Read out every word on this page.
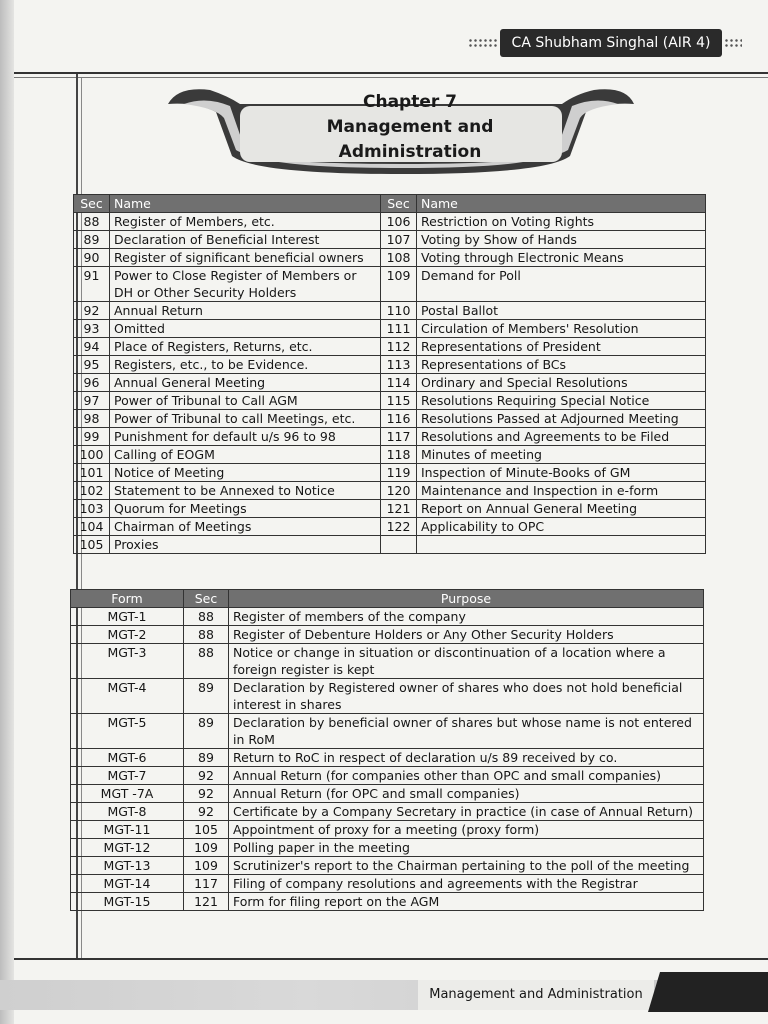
CA Shubham Singhal (AIR 4)
Chapter 7
Management and
Administration
Sec	Name	Sec	Name
88	Register of Members, etc.	106	Restriction on Voting Rights
89	Declaration of Beneficial Interest	107	Voting by Show of Hands
90	Register of significant beneficial owners	108	Voting through Electronic Means
91	Power to Close Register of Members or DH or Other Security Holders	109	Demand for Poll
92	Annual Return	110	Postal Ballot
93	Omitted	111	Circulation of Members' Resolution
94	Place of Registers, Returns, etc.	112	Representations of President
95	Registers, etc., to be Evidence.	113	Representations of BCs
96	Annual General Meeting	114	Ordinary and Special Resolutions
97	Power of Tribunal to Call AGM	115	Resolutions Requiring Special Notice
98	Power of Tribunal to call Meetings, etc.	116	Resolutions Passed at Adjourned Meeting
99	Punishment for default u/s 96 to 98	117	Resolutions and Agreements to be Filed
100	Calling of EOGM	118	Minutes of meeting
101	Notice of Meeting	119	Inspection of Minute-Books of GM
102	Statement to be Annexed to Notice	120	Maintenance and Inspection in e-form
103	Quorum for Meetings	121	Report on Annual General Meeting
104	Chairman of Meetings	122	Applicability to OPC
105	Proxies		
Form	Sec	Purpose
MGT-1	88	Register of members of the company
MGT-2	88	Register of Debenture Holders or Any Other Security Holders
MGT-3	88	Notice or change in situation or discontinuation of a location where a foreign register is kept
MGT-4	89	Declaration by Registered owner of shares who does not hold beneficial interest in shares
MGT-5	89	Declaration by beneficial owner of shares but whose name is not entered in RoM
MGT-6	89	Return to RoC in respect of declaration u/s 89 received by co.
MGT-7	92	Annual Return (for companies other than OPC and small companies)
MGT -7A	92	Annual Return (for OPC and small companies)
MGT-8	92	Certificate by a Company Secretary in practice (in case of Annual Return)
MGT-11	105	Appointment of proxy for a meeting (proxy form)
MGT-12	109	Polling paper in the meeting
MGT-13	109	Scrutinizer's report to the Chairman pertaining to the poll of the meeting
MGT-14	117	Filing of company resolutions and agreements with the Registrar
MGT-15	121	Form for filing report on the AGM
Management and Administration
